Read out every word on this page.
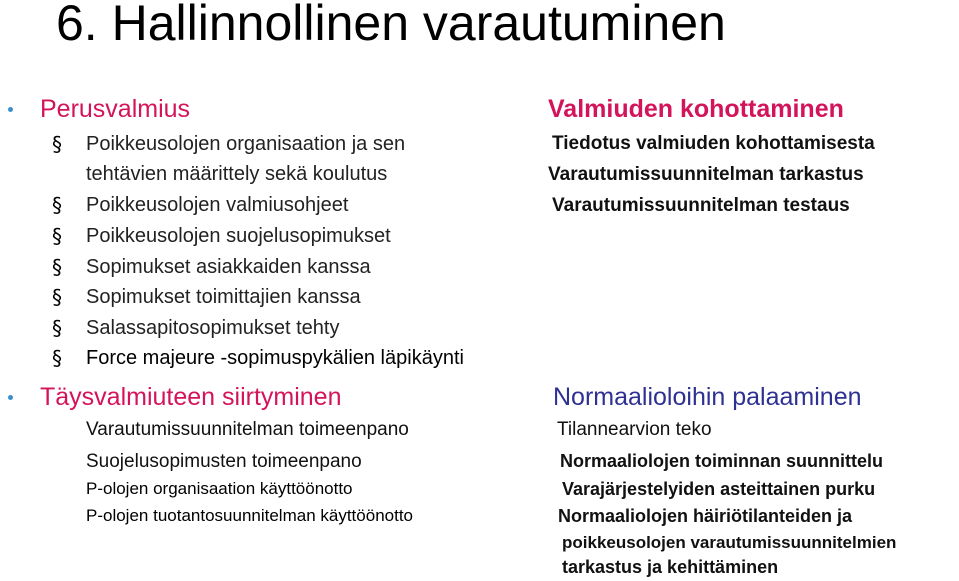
6. Hallinnollinen varautuminen
Perusvalmius
§ Poikkeusolojen organisaation ja sen
tehtävien määrittely sekä koulutus
§ Poikkeusolojen valmiusohjeet
§ Poikkeusolojen suojelusopimukset
§ Sopimukset asiakkaiden kanssa
§ Sopimukset toimittajien kanssa
§ Salassapitosopimukset tehty
§ Force majeure -sopimuspykälien läpikäynti
Valmiuden kohottaminen
Tiedotus valmiuden kohottamisesta
Varautumissuunnitelman tarkastus
Varautumissuunnitelman testaus
Täysvalmiuteen siirtyminen
Varautumissuunnitelman toimeenpano
Suojelusopimusten toimeenpano
P-olojen organisaation käyttöönotto
P-olojen tuotantosuunnitelman käyttöönotto
Normaalioloihin palaaminen
Tilannearvion teko
Normaaliolojen toiminnan suunnittelu
Varajärjestelyiden asteittainen purku
Normaaliolojen häiriötilanteiden ja
poikkeusolojen varautumissuunnitelmien
tarkastus ja kehittäminen
